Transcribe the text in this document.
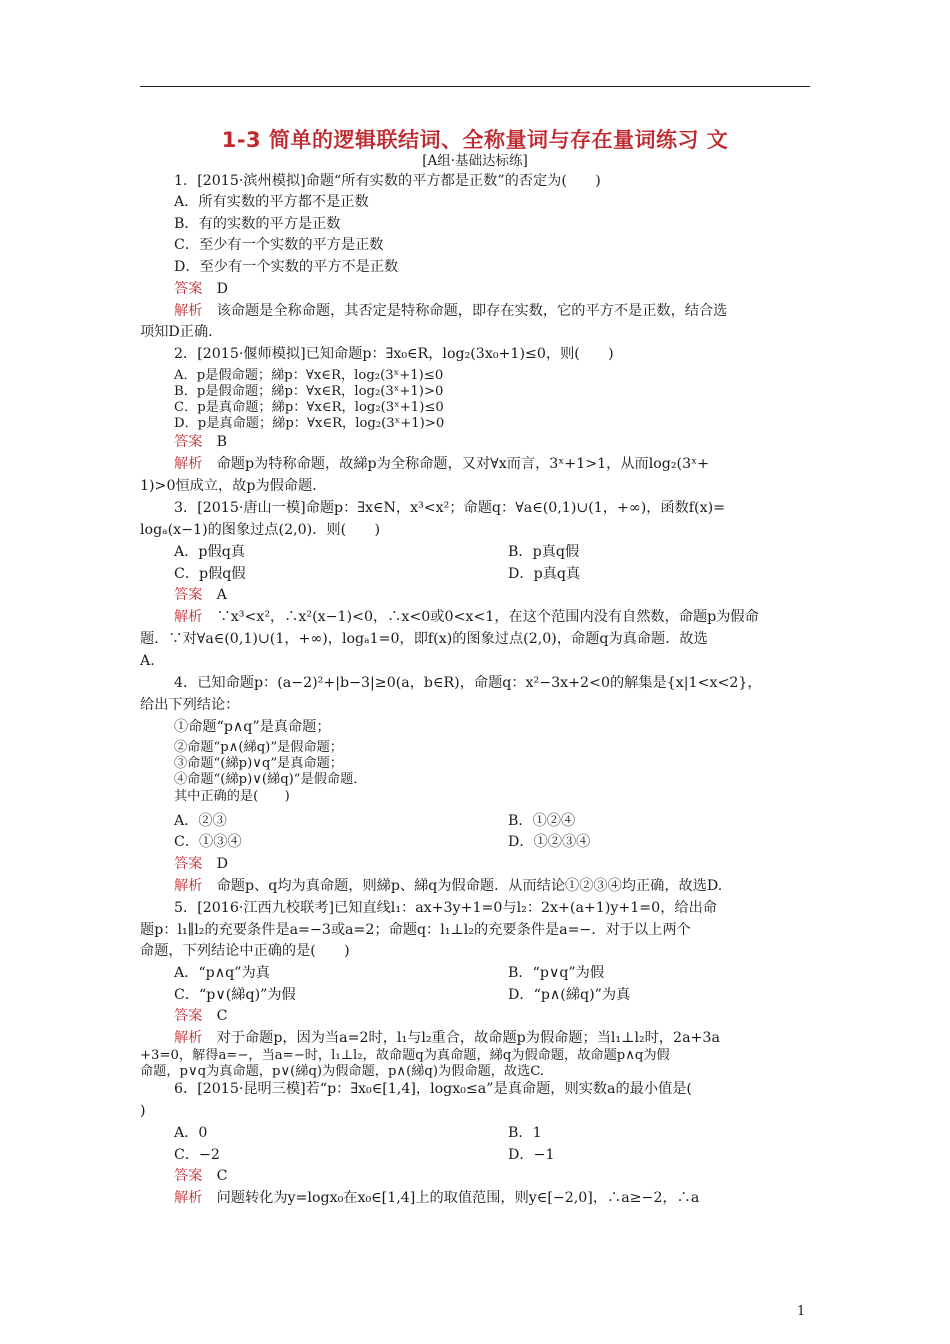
1-3 简单的逻辑联结词、全称量词与存在量词练习 文
[A组·基础达标练]
1．[2015·滨州模拟]命题“所有实数的平方都是正数”的否定为(　　)
A．所有实数的平方都不是正数
B．有的实数的平方是正数
C．至少有一个实数的平方是正数
D．至少有一个实数的平方不是正数
答案　 D
解析　 该命题是全称命题，其否定是特称命题，即存在实数，它的平方不是正数，结合选
项知D正确．
2．[2015·偃师模拟]已知命题p：∃x₀∈R，log₂(3x₀+1)≤0，则(　　)
A．p是假命题；綈p：∀x∈R，log₂(3ˣ+1)≤0
B．p是假命题；綈p：∀x∈R，log₂(3ˣ+1)>0
C．p是真命题；綈p：∀x∈R，log₂(3ˣ+1)≤0
D．p是真命题；綈p：∀x∈R，log₂(3ˣ+1)>0
答案　 B
解析　 命题p为特称命题，故綈p为全称命题，又对∀x而言，3ˣ+1>1，从而log₂(3ˣ+
1)>0恒成立，故p为假命题．
3．[2015·唐山一模]命题p：∃x∈N，x³<x²；命题q：∀a∈(0,1)∪(1，+∞)，函数f(x)=
logₐ(x−1)的图象过点(2,0)．则(　　)
A．p假q真	B．p真q假
C．p假q假	D．p真q真
答案　 A
解析　 ∵x³<x²，∴x²(x−1)<0，∴x<0或0<x<1，在这个范围内没有自然数，命题p为假命
题．∵对∀a∈(0,1)∪(1，+∞)，logₐ1=0，即f(x)的图象过点(2,0)，命题q为真命题．故选
A.
4．已知命题p：(a−2)²+|b−3|≥0(a，b∈R)，命题q：x²−3x+2<0的解集是{x|1<x<2}，
给出下列结论：
①命题“p∧q”是真命题；
②命题“p∧(綈q)”是假命题；
③命题“(綈p)∨q”是真命题；
④命题“(綈p)∨(綈q)”是假命题．
其中正确的是(　　)
A．②③	B．①②④
C．①③④	D．①②③④
答案　 D
解析　 命题p、q均为真命题，则綈p、綈q为假命题．从而结论①②③④均正确，故选D.
5．[2016·江西九校联考]已知直线l₁：ax+3y+1=0与l₂：2x+(a+1)y+1=0，给出命
题p：l₁∥l₂的充要条件是a=−3或a=2；命题q：l₁⊥l₂的充要条件是a=−．对于以上两个
命题，下列结论中正确的是(　　)
A．“p∧q”为真	B．“p∨q”为假
C．“p∨(綈q)”为假	D．“p∧(綈q)”为真
答案　 C
解析　 对于命题p，因为当a=2时，l₁与l₂重合，故命题p为假命题；当l₁⊥l₂时，2a+3a
+3=0，解得a=−，当a=−时，l₁⊥l₂，故命题q为真命题，綈q为假命题，故命题p∧q为假
命题，p∨q为真命题，p∨(綈q)为假命题，p∧(綈q)为假命题，故选C.
6．[2015·昆明三模]若“p：∃x₀∈[1,4]，logx₀≤a”是真命题，则实数a的最小值是(
)
A．0	B．1
C．−2	D．−1
答案　 C
解析　 问题转化为y=logx₀在x₀∈[1,4]上的取值范围，则y∈[−2,0]，∴a≥−2，∴a
1
